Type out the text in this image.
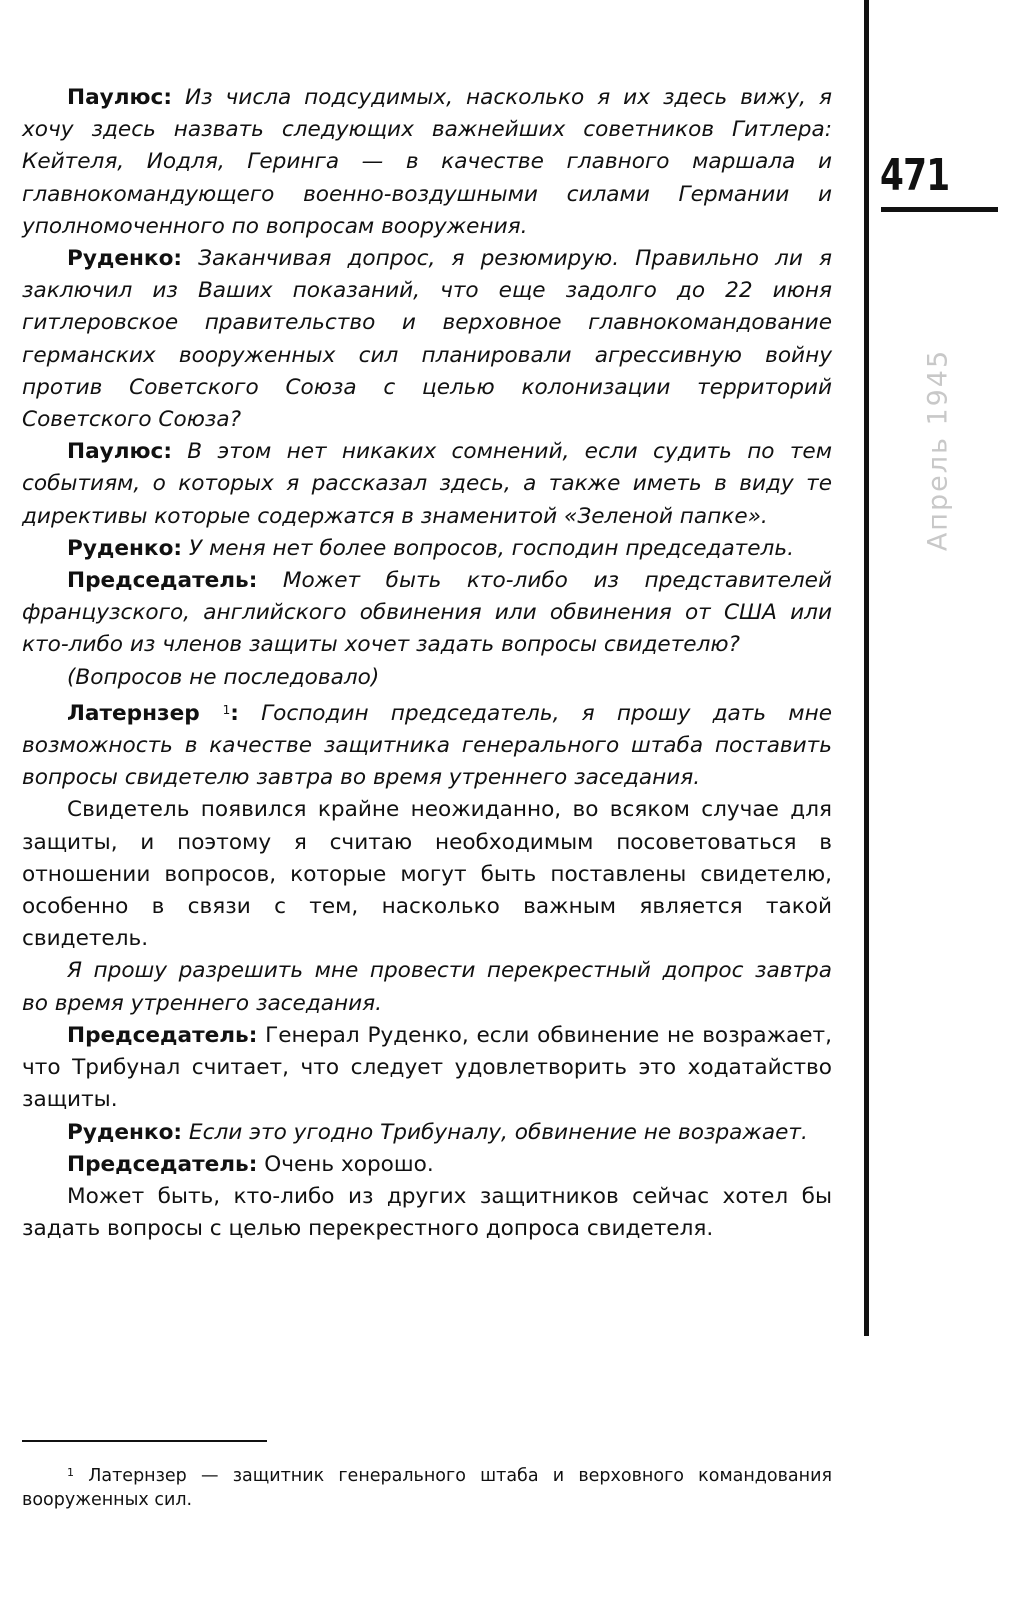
471
Апрель 1945

Паулюс: Из числа подсудимых, насколько я их здесь вижу, я хочу здесь назвать следующих важнейших советников Гитлера: Кейтеля, Иодля, Геринга — в качестве главного маршала и главнокомандующего военно-воздушными силами Германии и уполномоченного по вопросам вооружения.

Руденко: Заканчивая допрос, я резюмирую. Правильно ли я заключил из Ваших показаний, что еще задолго до 22 июня гитлеровское правительство и верховное главнокомандование германских вооруженных сил планировали агрессивную войну против Советского Союза с целью колонизации территорий Советского Союза?

Паулюс: В этом нет никаких сомнений, если судить по тем событиям, о которых я рассказал здесь, а также иметь в виду те директивы которые содержатся в знаменитой «Зеленой папке».

Руденко: У меня нет более вопросов, господин председатель.

Председатель: Может быть кто-либо из представителей французского, английского обвинения или обвинения от США или кто-либо из членов защиты хочет задать вопросы свидетелю?

(Вопросов не последовало)

Латернзер $^1$: Господин председатель, я прошу дать мне возможность в качестве защитника генерального штаба поставить вопросы свидетелю завтра во время утреннего заседания.

Свидетель появился крайне неожиданно, во всяком случае для защиты, и поэтому я считаю необходимым посоветоваться в отношении вопросов, которые могут быть поставлены свидетелю, особенно в связи с тем, насколько важным является такой свидетель.

Я прошу разрешить мне провести перекрестный допрос завтра во время утреннего заседания.

Председатель: Генерал Руденко, если обвинение не возражает, что Трибунал считает, что следует удовлетворить это ходатайство защиты.

Руденко: Если это угодно Трибуналу, обвинение не возражает.

Председатель: Очень хорошо.

Может быть, кто-либо из других защитников сейчас хотел бы задать вопросы с целью перекрестного допроса свидетеля.

$^1$ Латернзер — защитник генерального штаба и верховного командования вооруженных сил.
